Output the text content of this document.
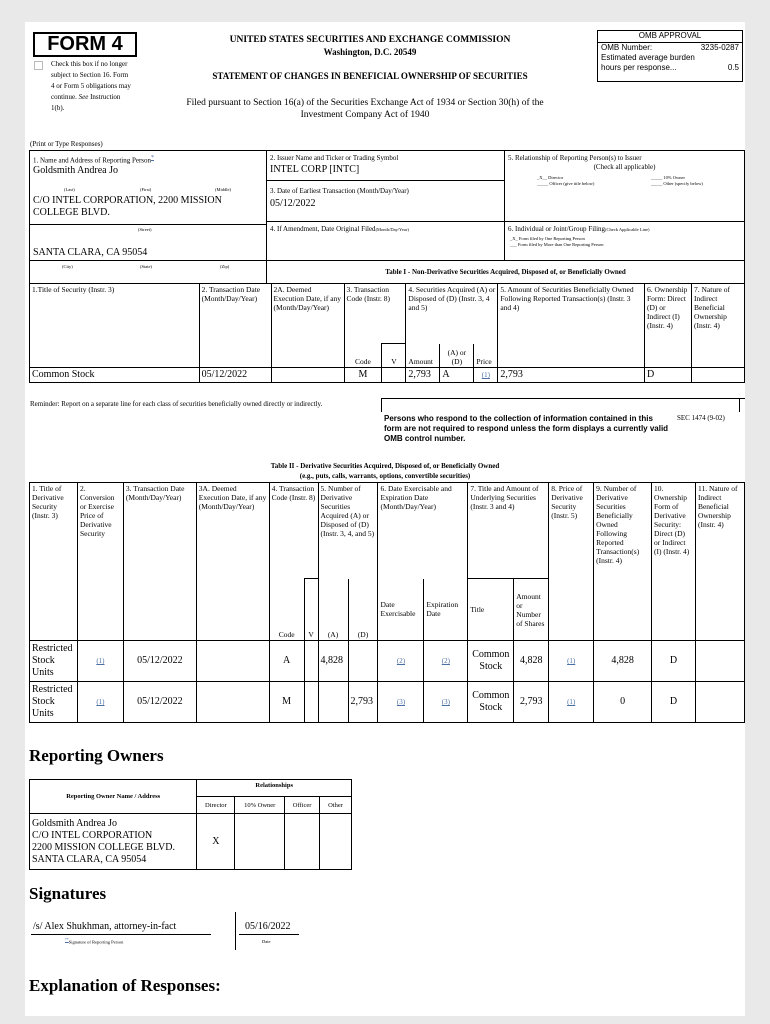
FORM 4
Check this box if no longer subject to Section 16. Form 4 or Form 5 obligations may continue. See Instruction 1(b).
UNITED STATES SECURITIES AND EXCHANGE COMMISSION
Washington, D.C. 20549
STATEMENT OF CHANGES IN BENEFICIAL OWNERSHIP OF SECURITIES
Filed pursuant to Section 16(a) of the Securities Exchange Act of 1934 or Section 30(h) of the Investment Company Act of 1940
OMB APPROVAL
OMB Number:	3235-0287
Estimated average burden
hours per response...	0.5
(Print or Type Responses)
1. Name and Address of Reporting Person*
Goldsmith Andrea Jo
(Last)	(First)	(Middle)
C/O INTEL CORPORATION, 2200 MISSION COLLEGE BLVD.
(Street)
SANTA CLARA, CA 95054
(City)	(State)	(Zip)
2. Issuer Name and Ticker or Trading Symbol
INTEL CORP [INTC]
3. Date of Earliest Transaction (Month/Day/Year)
05/12/2022
4. If Amendment, Date Original Filed(Month/Day/Year)
5. Relationship of Reporting Person(s) to Issuer
(Check all applicable)
_X__ Director	_____ 10% Owner
_____ Officer (give title below)	_____ Other (specify below)
6. Individual or Joint/Group Filing(Check Applicable Line)
_X_ Form filed by One Reporting Person
___ Form filed by More than One Reporting Person
Table I - Non-Derivative Securities Acquired, Disposed of, or Beneficially Owned
1.Title of Security (Instr. 3)	2. Transaction Date (Month/Day/Year)	2A. Deemed Execution Date, if any (Month/Day/Year)	3. Transaction Code (Instr. 8)		4. Securities Acquired (A) or Disposed of (D) (Instr. 3, 4 and 5)			5. Amount of Securities Beneficially Owned Following Reported Transaction(s) (Instr. 3 and 4)	6. Ownership Form: Direct (D) or Indirect (I) (Instr. 4)	7. Nature of Indirect Beneficial Ownership (Instr. 4)
			Code	V	Amount	(A) or (D)	Price			
Common Stock	05/12/2022		M		2,793	A	(1)	2,793	D	
Reminder: Report on a separate line for each class of securities beneficially owned directly or indirectly.
Persons who respond to the collection of information contained in this form are not required to respond unless the form displays a currently valid OMB control number.
SEC 1474 (9-02)
Table II - Derivative Securities Acquired, Disposed of, or Beneficially Owned
(e.g., puts, calls, warrants, options, convertible securities)
1. Title of Derivative Security (Instr. 3)	2. Conversion or Exercise Price of Derivative Security	3. Transaction Date (Month/Day/Year)	3A. Deemed Execution Date, if any (Month/Day/Year)	4. Transaction Code (Instr. 8)		5. Number of Derivative Securities Acquired (A) or Disposed of (D) (Instr. 3, 4, and 5)		6. Date Exercisable and Expiration Date (Month/Day/Year)		7. Title and Amount of Underlying Securities (Instr. 3 and 4)		8. Price of Derivative Security (Instr. 5)	9. Number of Derivative Securities Beneficially Owned Following Reported Transaction(s) (Instr. 4)	10. Ownership Form of Derivative Security: Direct (D) or Indirect (I) (Instr. 4)	11. Nature of Indirect Beneficial Ownership (Instr. 4)
				Code	V	(A)	(D)	Date Exercisable	Expiration Date	Title	Amount or Number of Shares				
Restricted Stock Units	(1)	05/12/2022		A		4,828		(2)	(2)	Common Stock	4,828	(1)	4,828	D	
Restricted Stock Units	(1)	05/12/2022		M			2,793	(3)	(3)	Common Stock	2,793	(1)	0	D	
Reporting Owners
Reporting Owner Name / Address	Relationships			
	Director	10% Owner	Officer	Other

Goldsmith Andrea Jo
C/O INTEL CORPORATION
2200 MISSION COLLEGE BLVD.
SANTA CLARA, CA 95054	X			
Signatures
/s/ Alex Shukhman, attorney-in-fact
**Signature of Reporting Person
05/16/2022
Date
Explanation of Responses:
